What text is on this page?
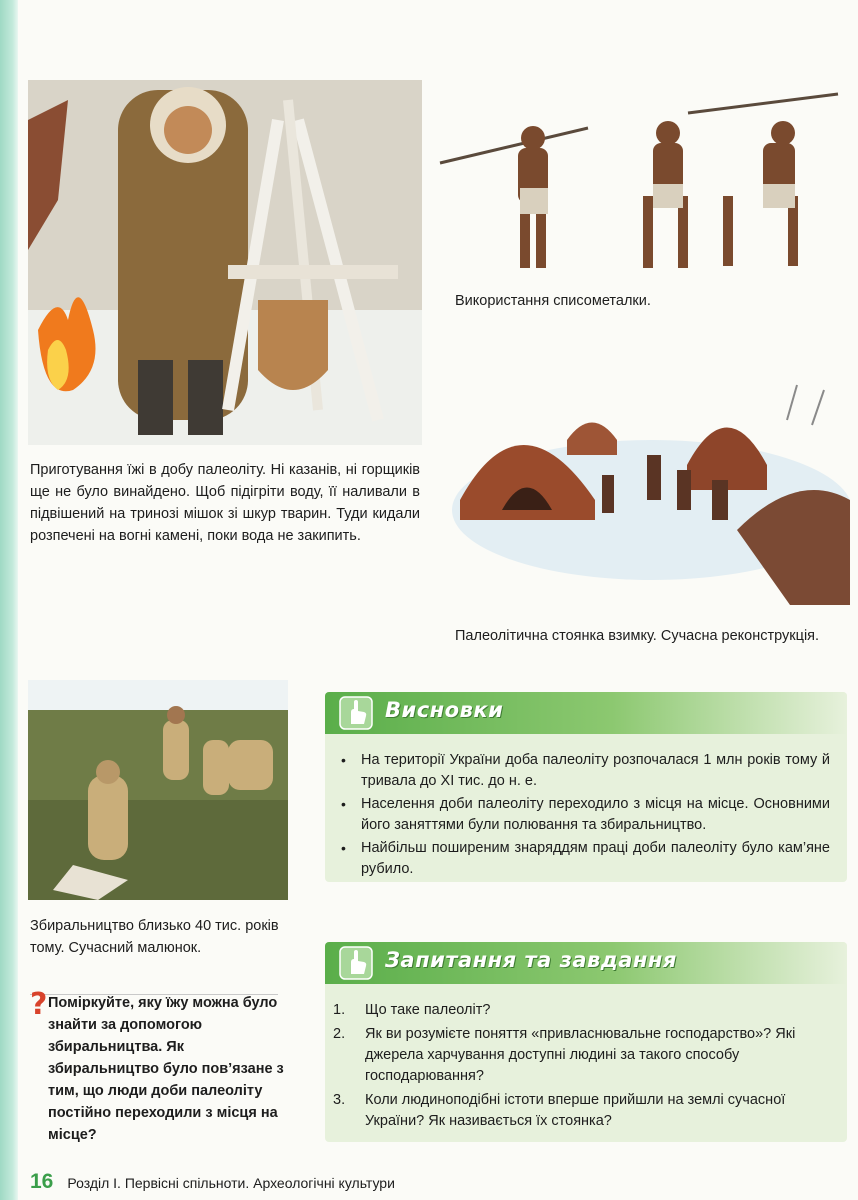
Приготування їжі в добу палеоліту. Ні казанів, ні горщиків ще не було винайдено. Щоб підігріти воду, її наливали в підвішений на тринозі мішок зі шкур тварин. Туди кидали розпечені на вогні камені, поки вода не закипить.
Використання списометалки.
Палеолітична стоянка взимку. Сучасна реконструкція.
Збиральництво близько 40 тис. років тому. Сучасний малюнок.
Висновки
• На території України доба палеоліту розпочалася 1 млн років тому й тривала до ХІ тис. до н. е.
• Населення доби палеоліту переходило з місця на місце. Основними його заняттями були полювання та збиральництво.
• Найбільш поширеним знаряддям праці доби палеоліту було кам’яне рубило.
Запитання та завдання
1. Що таке палеоліт?
2. Як ви розумієте поняття «привласнювальне господарство»? Які джерела харчування доступні людині за такого способу господарювання?
3. Коли людиноподібні істоти вперше прийшли на землі сучасної України? Як називається їх стоянка?
? Поміркуйте, яку їжу можна було знайти за допомогою збиральництва. Як збиральництво було пов’язане з тим, що люди доби палеоліту постійно переходили з місця на місце?
16 Розділ І. Первісні спільноти. Археологічні культури
